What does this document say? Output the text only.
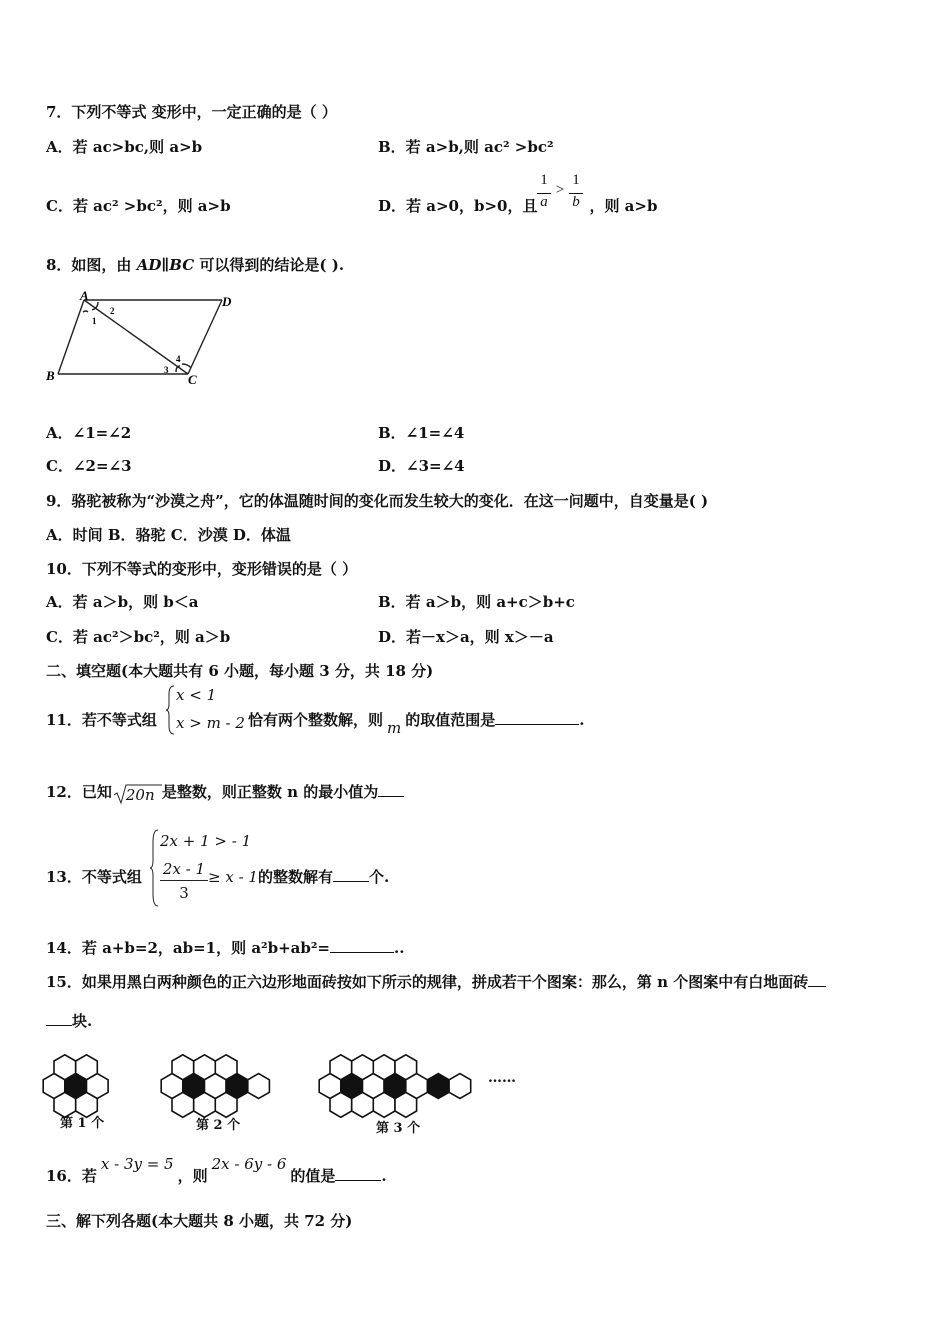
7．下列不等式 变形中，一定正确的是（ ）
A．若 ac>bc,则 a>b	B．若 a>b,则 ac² >bc²
C．若 ac² >bc²，则 a>b	D．若 a>0，b>0，且	，则 a>b
1
a
>
1
b
8．如图，由 AD∥BC 可以得到的结论是( ).
A	D
B	C
1
2
3
4
A．∠1=∠2	B．∠1=∠4
C．∠2=∠3	D．∠3=∠4
9．骆驼被称为“沙漠之舟”，它的体温随时间的变化而发生较大的变化．在这一问题中，自变量是( )
A．时间 B．骆驼 C．沙漠 D．体温
10．下列不等式的变形中，变形错误的是（ ）
A．若 a＞b，则 b＜a	B．若 a＞b，则 a+c＞b+c
C．若 ac²＞bc²，则 a＞b	D．若－x＞a，则 x＞－a
二、填空题(本大题共有 6 小题，每小题 3 分，共 18 分)
11．若不等式组
x < 1
x > m - 2 恰有两个整数解，则 m 的取值范围是	.
12．已知 20n 是整数，则正整数 n 的最小值为
13．不等式组
2x + 1 > - 1
2x - 1
3
≥ x - 1的整数解有 个.
14．若 a+b=2，ab=1，则 a²b+ab²=	..
15．如果用黑白两种颜色的正六边形地面砖按如下所示的规律，拼成若干个图案：那么，第 n 个图案中有白地面砖
块.
第 1 个	第 2 个	第 3 个
……
16．若x - 3y = 5，则2x - 6y - 6的值是	.
三、解下列各题(本大题共 8 小题，共 72 分)
